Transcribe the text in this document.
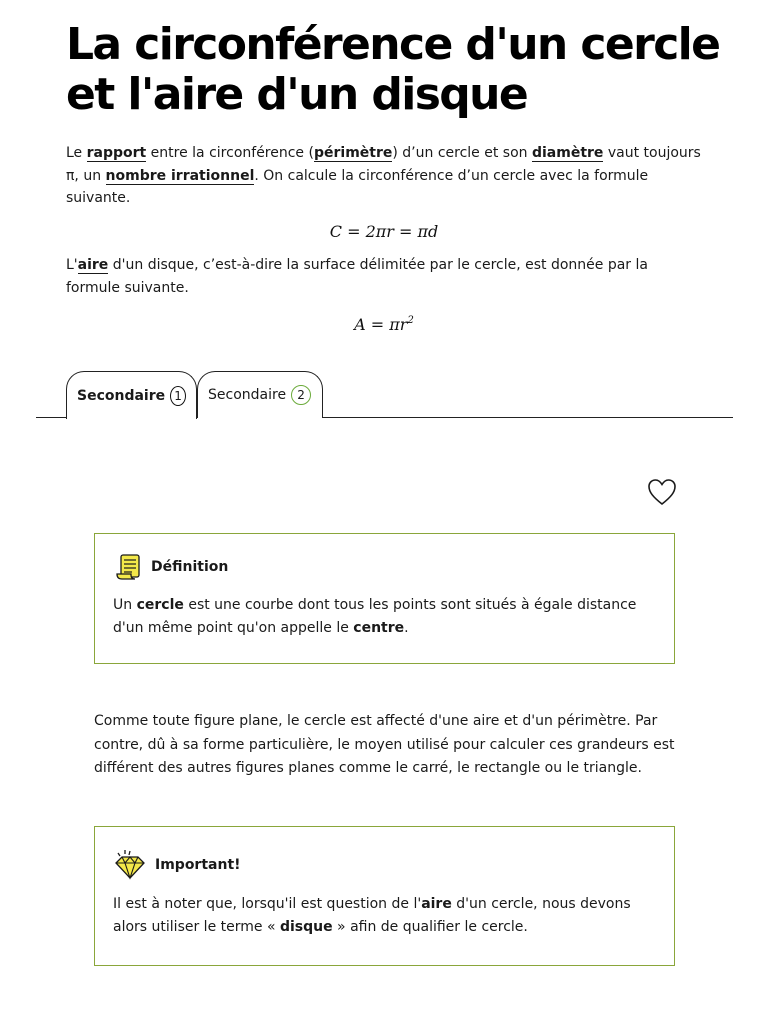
La circonférence d'un cercle et l'aire d'un disque

Le rapport entre la circonférence (périmètre) d’un cercle et son diamètre vaut toujours π, un nombre irrationnel. On calcule la circonférence d’un cercle avec la formule suivante.

C = 2πr = πd

L'aire d'un disque, c’est-à-dire la surface délimitée par le cercle, est donnée par la formule suivante.

$A = \pi r^2$
Secondaire 1 Secondaire 2
Définition

Un cercle est une courbe dont tous les points sont situés à égale distance d'un même point qu'on appelle le centre.

Comme toute figure plane, le cercle est affecté d'une aire et d'un périmètre. Par contre, dû à sa forme particulière, le moyen utilisé pour calculer ces grandeurs est différent des autres figures planes comme le carré, le rectangle ou le triangle.

Important!

Il est à noter que, lorsqu'il est question de l'aire d'un cercle, nous devons alors utiliser le terme « disque » afin de qualifier le cercle.
